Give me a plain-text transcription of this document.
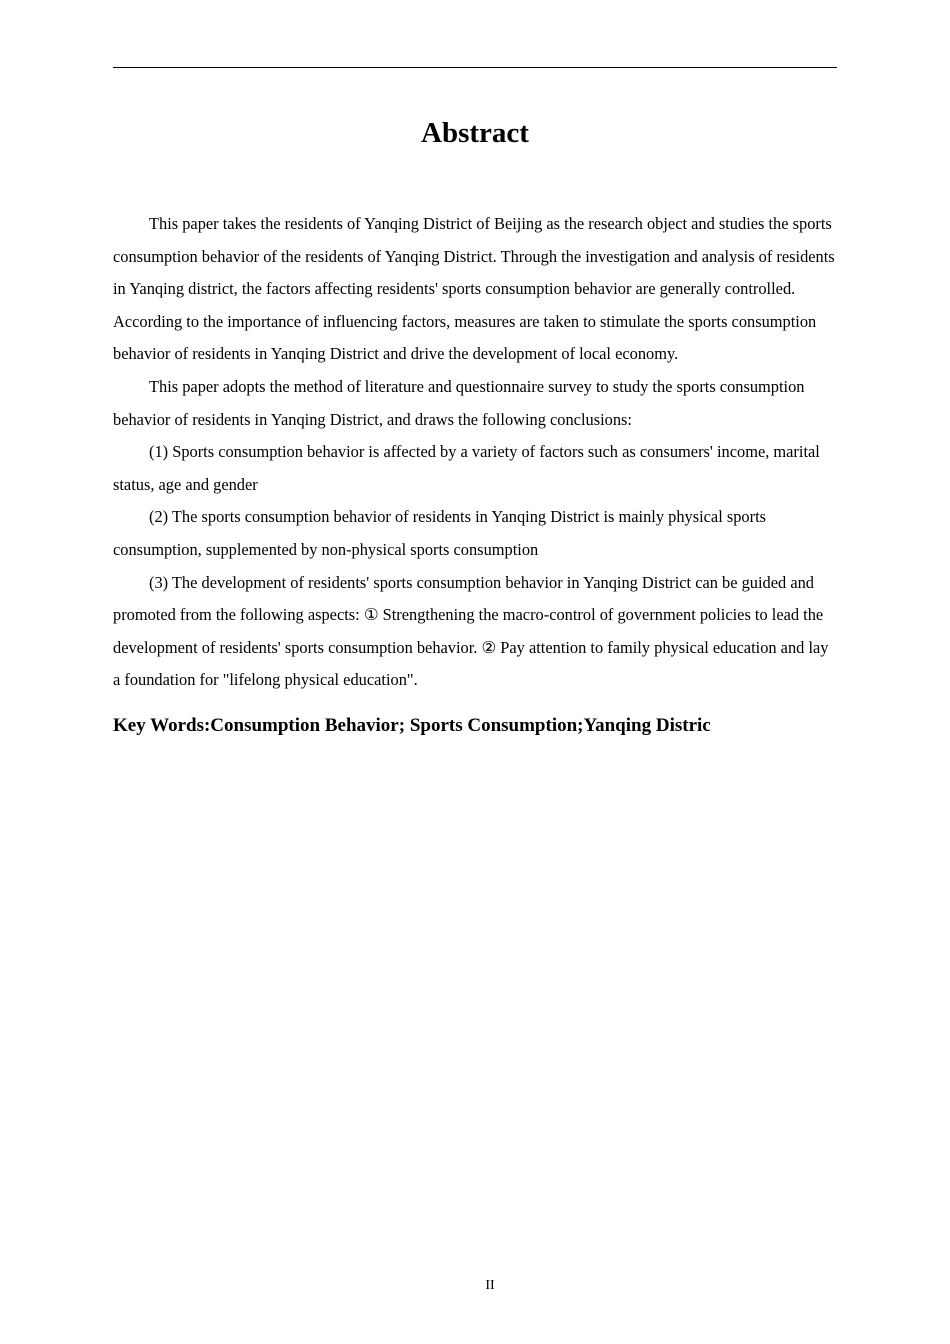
Abstract

This paper takes the residents of Yanqing District of Beijing as the research object and studies the sports consumption behavior of the residents of Yanqing District. Through the investigation and analysis of residents in Yanqing district, the factors affecting residents' sports consumption behavior are generally controlled. According to the importance of influencing factors, measures are taken to stimulate the sports consumption behavior of residents in Yanqing District and drive the development of local economy.

This paper adopts the method of literature and questionnaire survey to study the sports consumption behavior of residents in Yanqing District, and draws the following conclusions:

(1) Sports consumption behavior is affected by a variety of factors such as consumers' income, marital status, age and gender

(2) The sports consumption behavior of residents in Yanqing District is mainly physical sports consumption, supplemented by non-physical sports consumption

(3) The development of residents' sports consumption behavior in Yanqing District can be guided and promoted from the following aspects: ① Strengthening the macro-control of government policies to lead the development of residents' sports consumption behavior. ② Pay attention to family physical education and lay a foundation for "lifelong physical education".

Key Words:Consumption Behavior; Sports Consumption;Yanqing Distric

II
